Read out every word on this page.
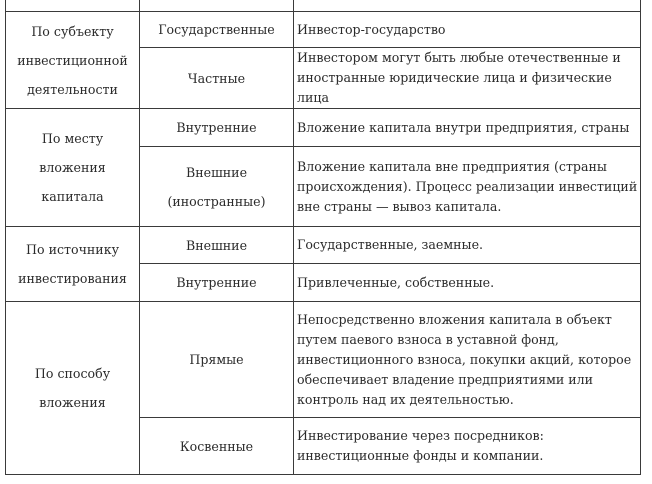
По субъекту
инвестиционной
деятельности	Государственные	Инвестор-государство

	Частные	Инвестором могут быть любые отечественные и
иностранные юридические лица и физические лица

По месту
вложения
капитала	Внутренние	Вложение капитала внутри предприятия, страны

	Внешние
(иностранные)	Вложение капитала вне предприятия (страны
происхождения). Процесс реализации инвестиций
вне страны — вывоз капитала.

По источнику
инвестирования	Внешние	Государственные, заемные.

	Внутренние	Привлеченные, собственные.

По способу
вложения	Прямые	Непосредственно вложения капитала в объект
путем паевого взноса в уставной фонд,
инвестиционного взноса, покупки акций, которое
обеспечивает владение предприятиями или
контроль над их деятельностью.

	Косвенные	Инвестирование через посредников:
инвестиционные фонды и компании.
